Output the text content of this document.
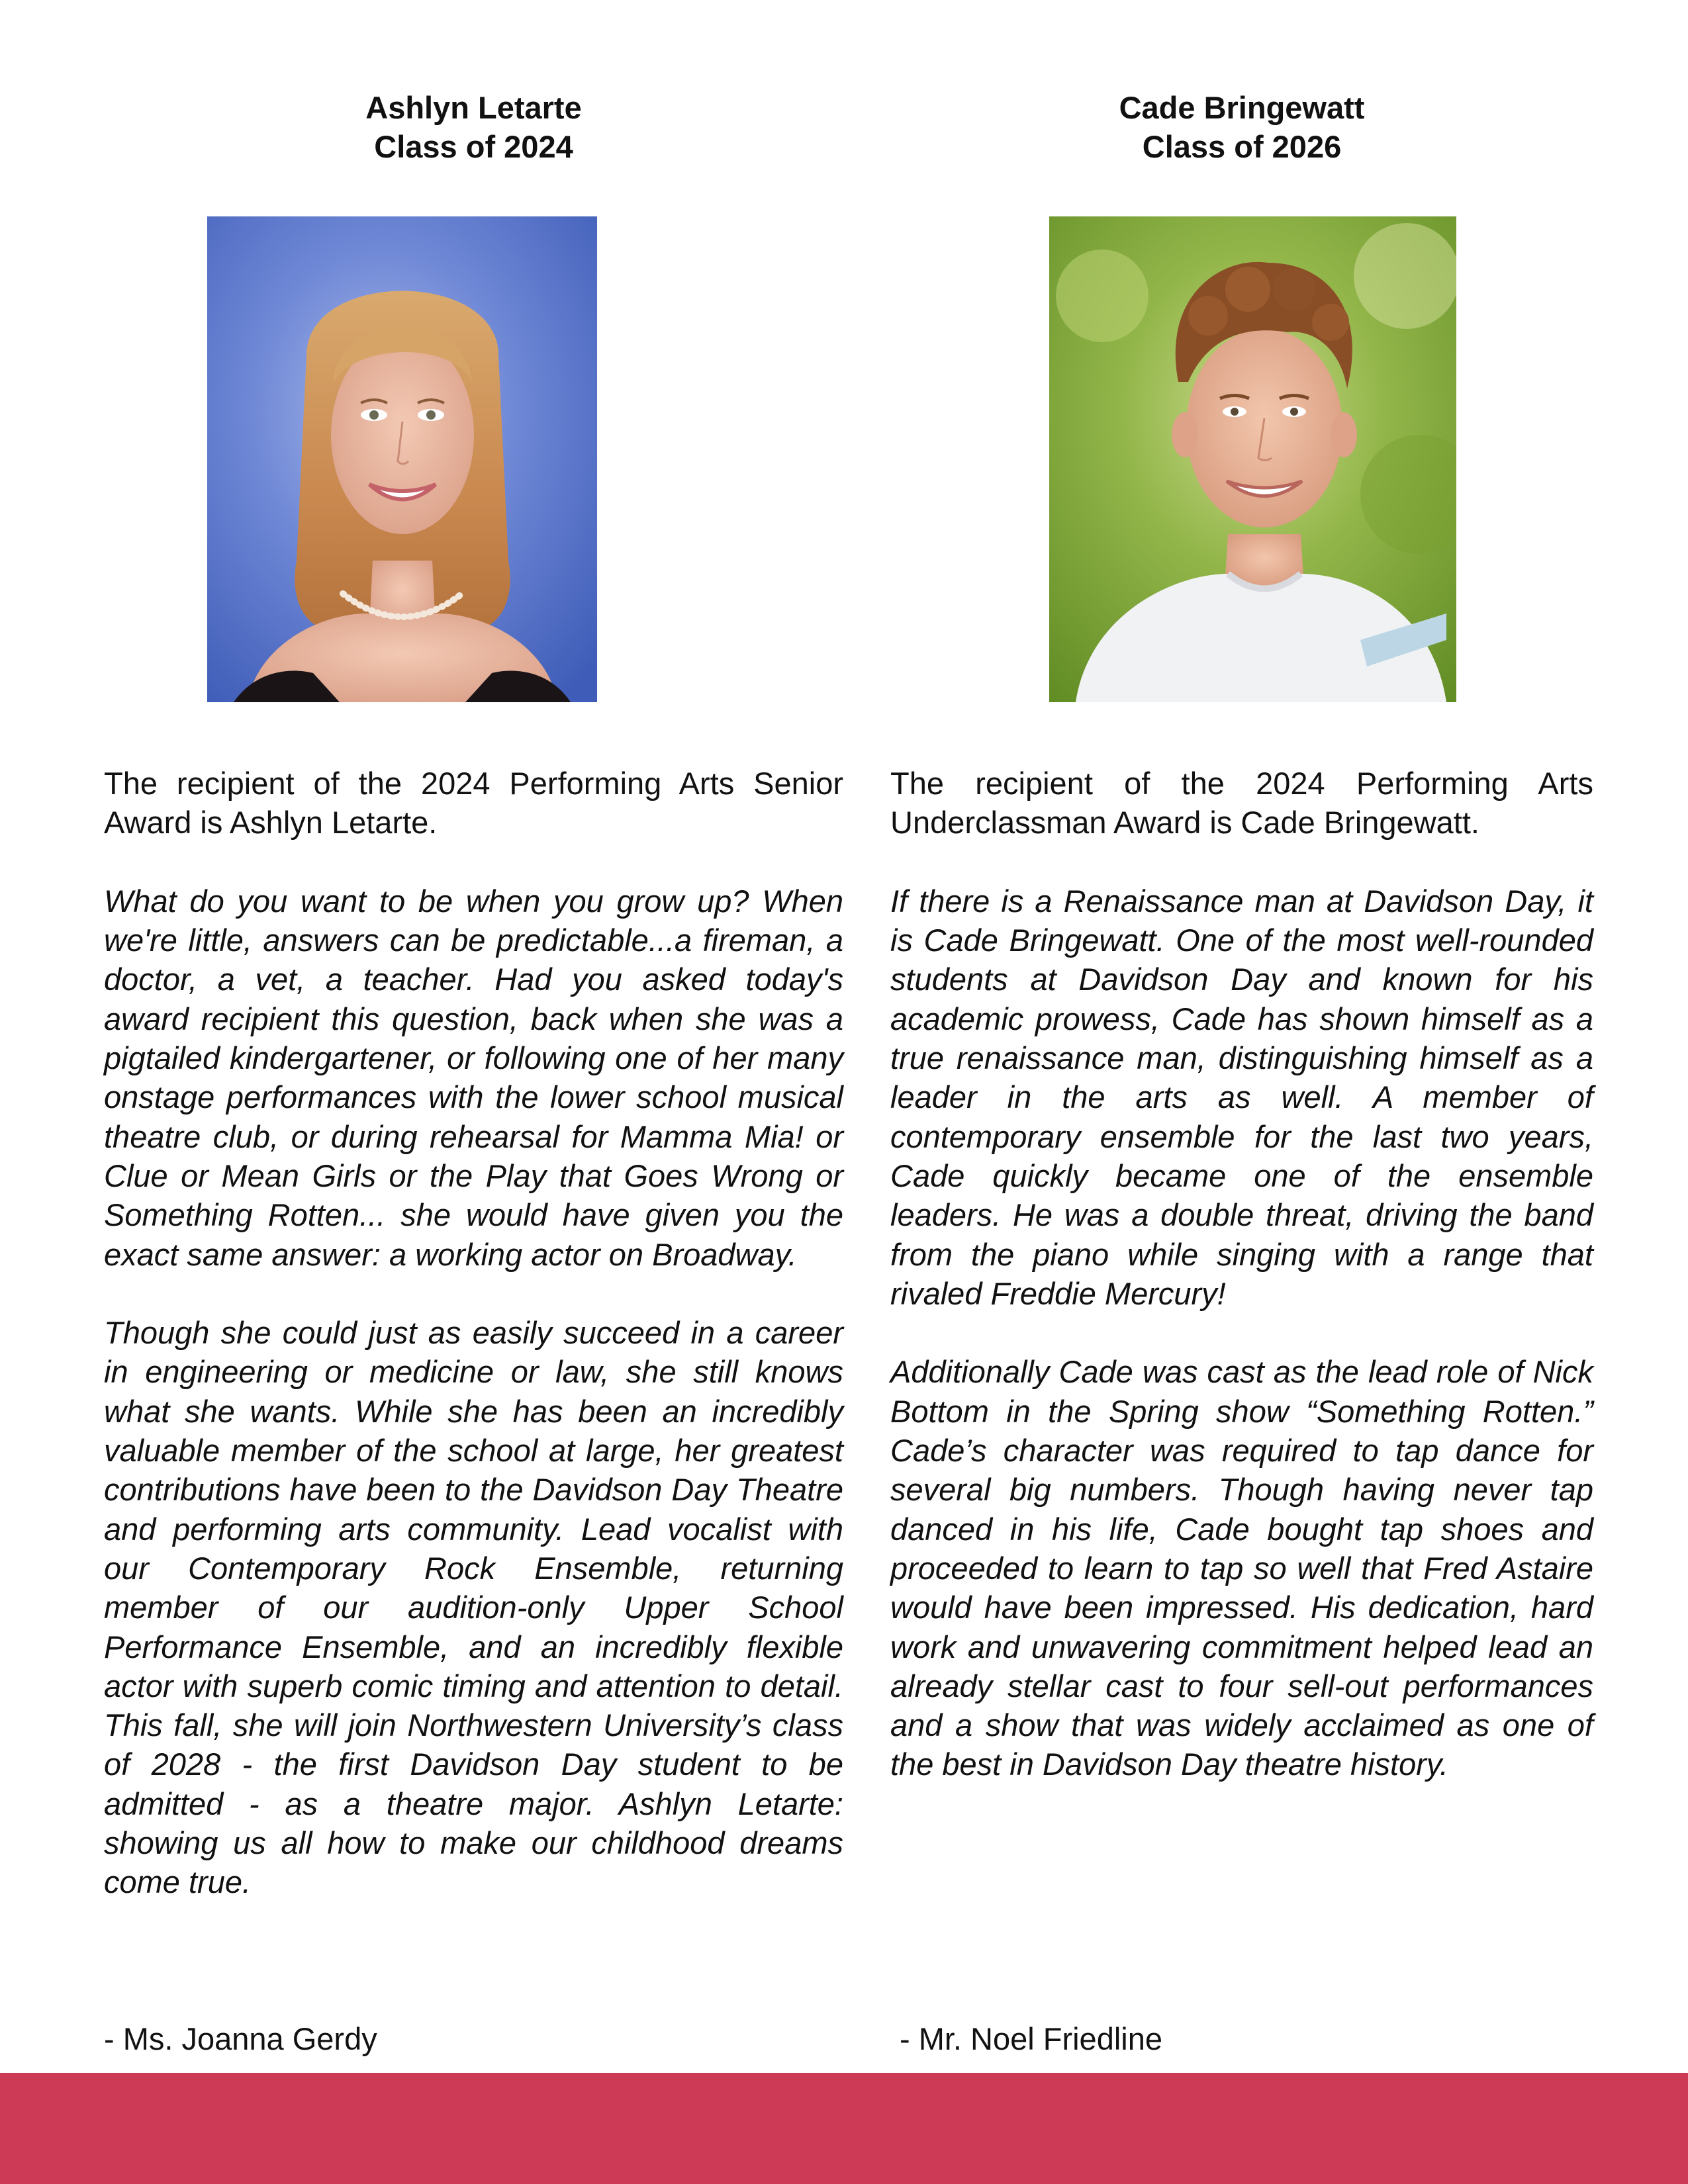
Ashlyn Letarte
Class of 2024

The recipient of the 2024 Performing Arts Senior Award is Ashlyn Letarte.

What do you want to be when you grow up? When we're little, answers can be predictable...a fireman, a doctor, a vet, a teacher. Had you asked today's award recipient this question, back when she was a pigtailed kindergartener, or following one of her many onstage performances with the lower school musical theatre club, or during rehearsal for Mamma Mia! or Clue or Mean Girls or the Play that Goes Wrong or Something Rotten... she would have given you the exact same answer: a working actor on Broadway.

Though she could just as easily succeed in a career in engineering or medicine or law, she still knows what she wants. While she has been an incredibly valuable member of the school at large, her greatest contributions have been to the Davidson Day Theatre and performing arts community. Lead vocalist with our Contemporary Rock Ensemble, returning member of our audition-only Upper School Performance Ensemble, and an incredibly flexible actor with superb comic timing and attention to detail. This fall, she will join Northwestern University’s class of 2028 - the first Davidson Day student to be admitted - as a theatre major. Ashlyn Letarte: showing us all how to make our childhood dreams come true.

- Ms. Joanna Gerdy
Cade Bringewatt
Class of 2026

The recipient of the 2024 Performing Arts Underclassman Award is Cade Bringewatt.

If there is a Renaissance man at Davidson Day, it is Cade Bringewatt. One of the most well-rounded students at Davidson Day and known for his academic prowess, Cade has shown himself as a true renaissance man, distinguishing himself as a leader in the arts as well. A member of contemporary ensemble for the last two years, Cade quickly became one of the ensemble leaders. He was a double threat, driving the band from the piano while singing with a range that rivaled Freddie Mercury!

Additionally Cade was cast as the lead role of Nick Bottom in the Spring show “Something Rotten.” Cade’s character was required to tap dance for several big numbers. Though having never tap danced in his life, Cade bought tap shoes and proceeded to learn to tap so well that Fred Astaire would have been impressed. His dedication, hard work and unwavering commitment helped lead an already stellar cast to four sell-out performances and a show that was widely acclaimed as one of the best in Davidson Day theatre history.

- Mr. Noel Friedline
